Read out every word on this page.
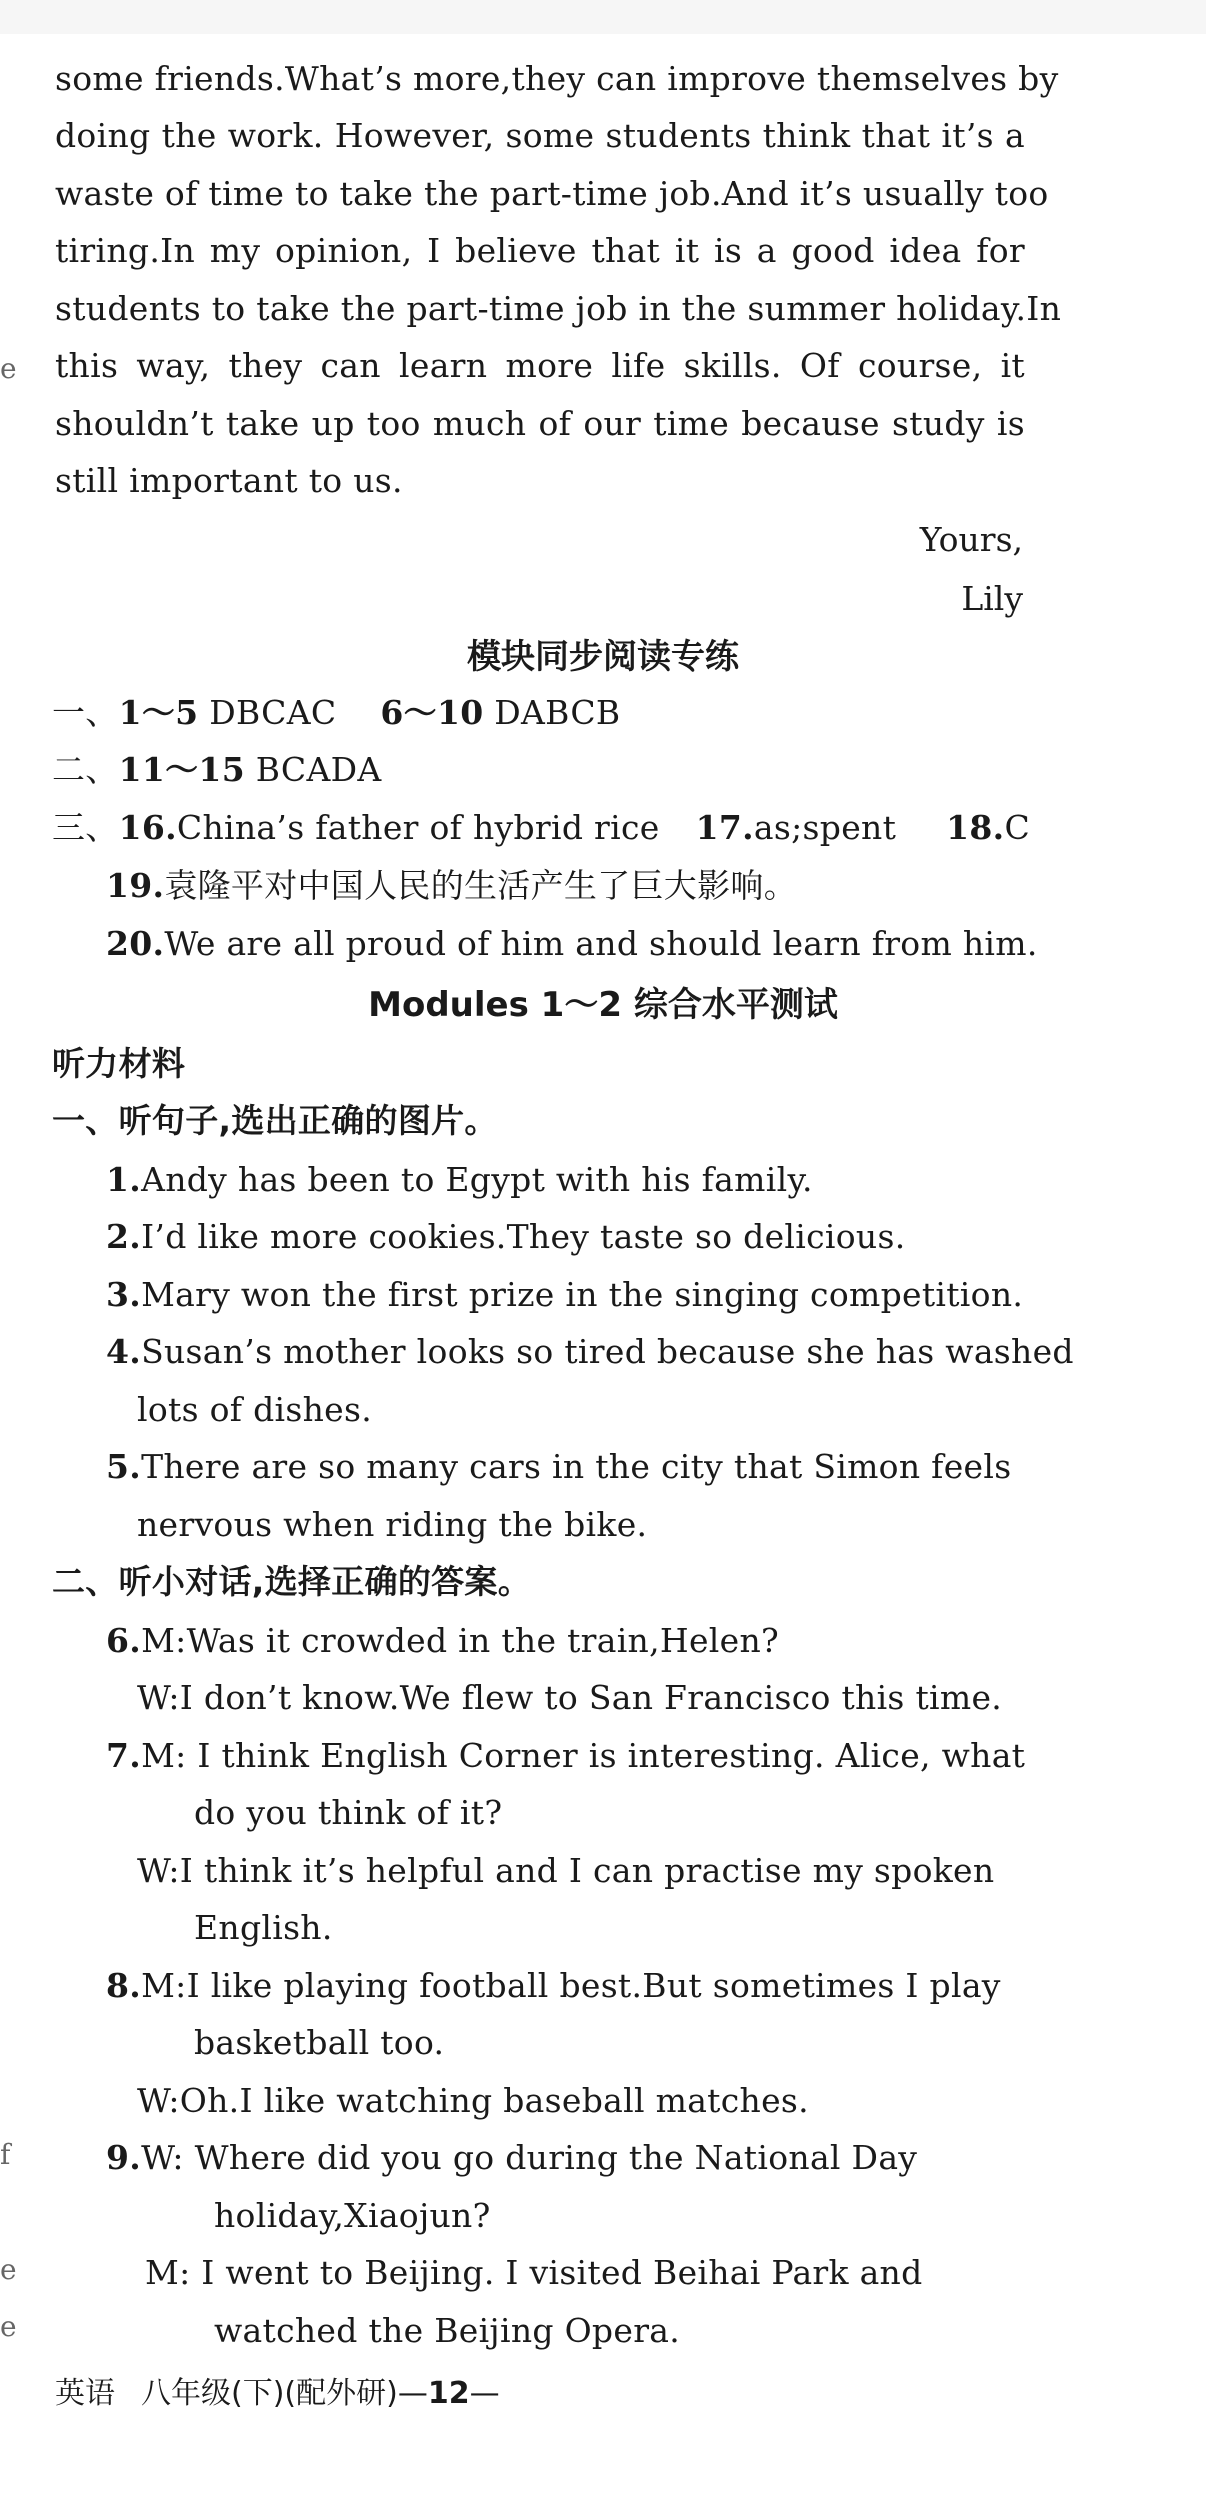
e
f
e
e
some friends.What’s more,they can improve themselves by
doing the work. However, some students think that it’s a
waste of time to take the part-time job.And it’s usually too
tiring.In my opinion, I believe that it is a good idea for
students to take the part-time job in the summer holiday.In
this way, they can learn more life skills. Of course, it
shouldn’t take up too much of our time because study is
still important to us.
Yours,
Lily
模块同步阅读专练
一、1～5 DBCAC 6～10 DABCB
二、11～15 BCADA
三、16.China’s father of hybrid rice 17.as;spent 18.C
19.袁隆平对中国人民的生活产生了巨大影响。
20.We are all proud of him and should learn from him.
Modules 1～2 综合水平测试
听力材料
一、听句子,选出正确的图片。
1.Andy has been to Egypt with his family.
2.I’d like more cookies.They taste so delicious.
3.Mary won the first prize in the singing competition.
4.Susan’s mother looks so tired because she has washed
lots of dishes.
5.There are so many cars in the city that Simon feels
nervous when riding the bike.
二、听小对话,选择正确的答案。
6.M:Was it crowded in the train,Helen?
W:I don’t know.We flew to San Francisco this time.
7.M: I think English Corner is interesting. Alice, what
do you think of it?
W:I think it’s helpful and I can practise my spoken
English.
8.M:I like playing football best.But sometimes I play
basketball too.
W:Oh.I like watching baseball matches.
9.W: Where did you go during the National Day
holiday,Xiaojun?
M: I went to Beijing. I visited Beihai Park and
watched the Beijing Opera.
英语 八年级(下)(配外研)—12—
